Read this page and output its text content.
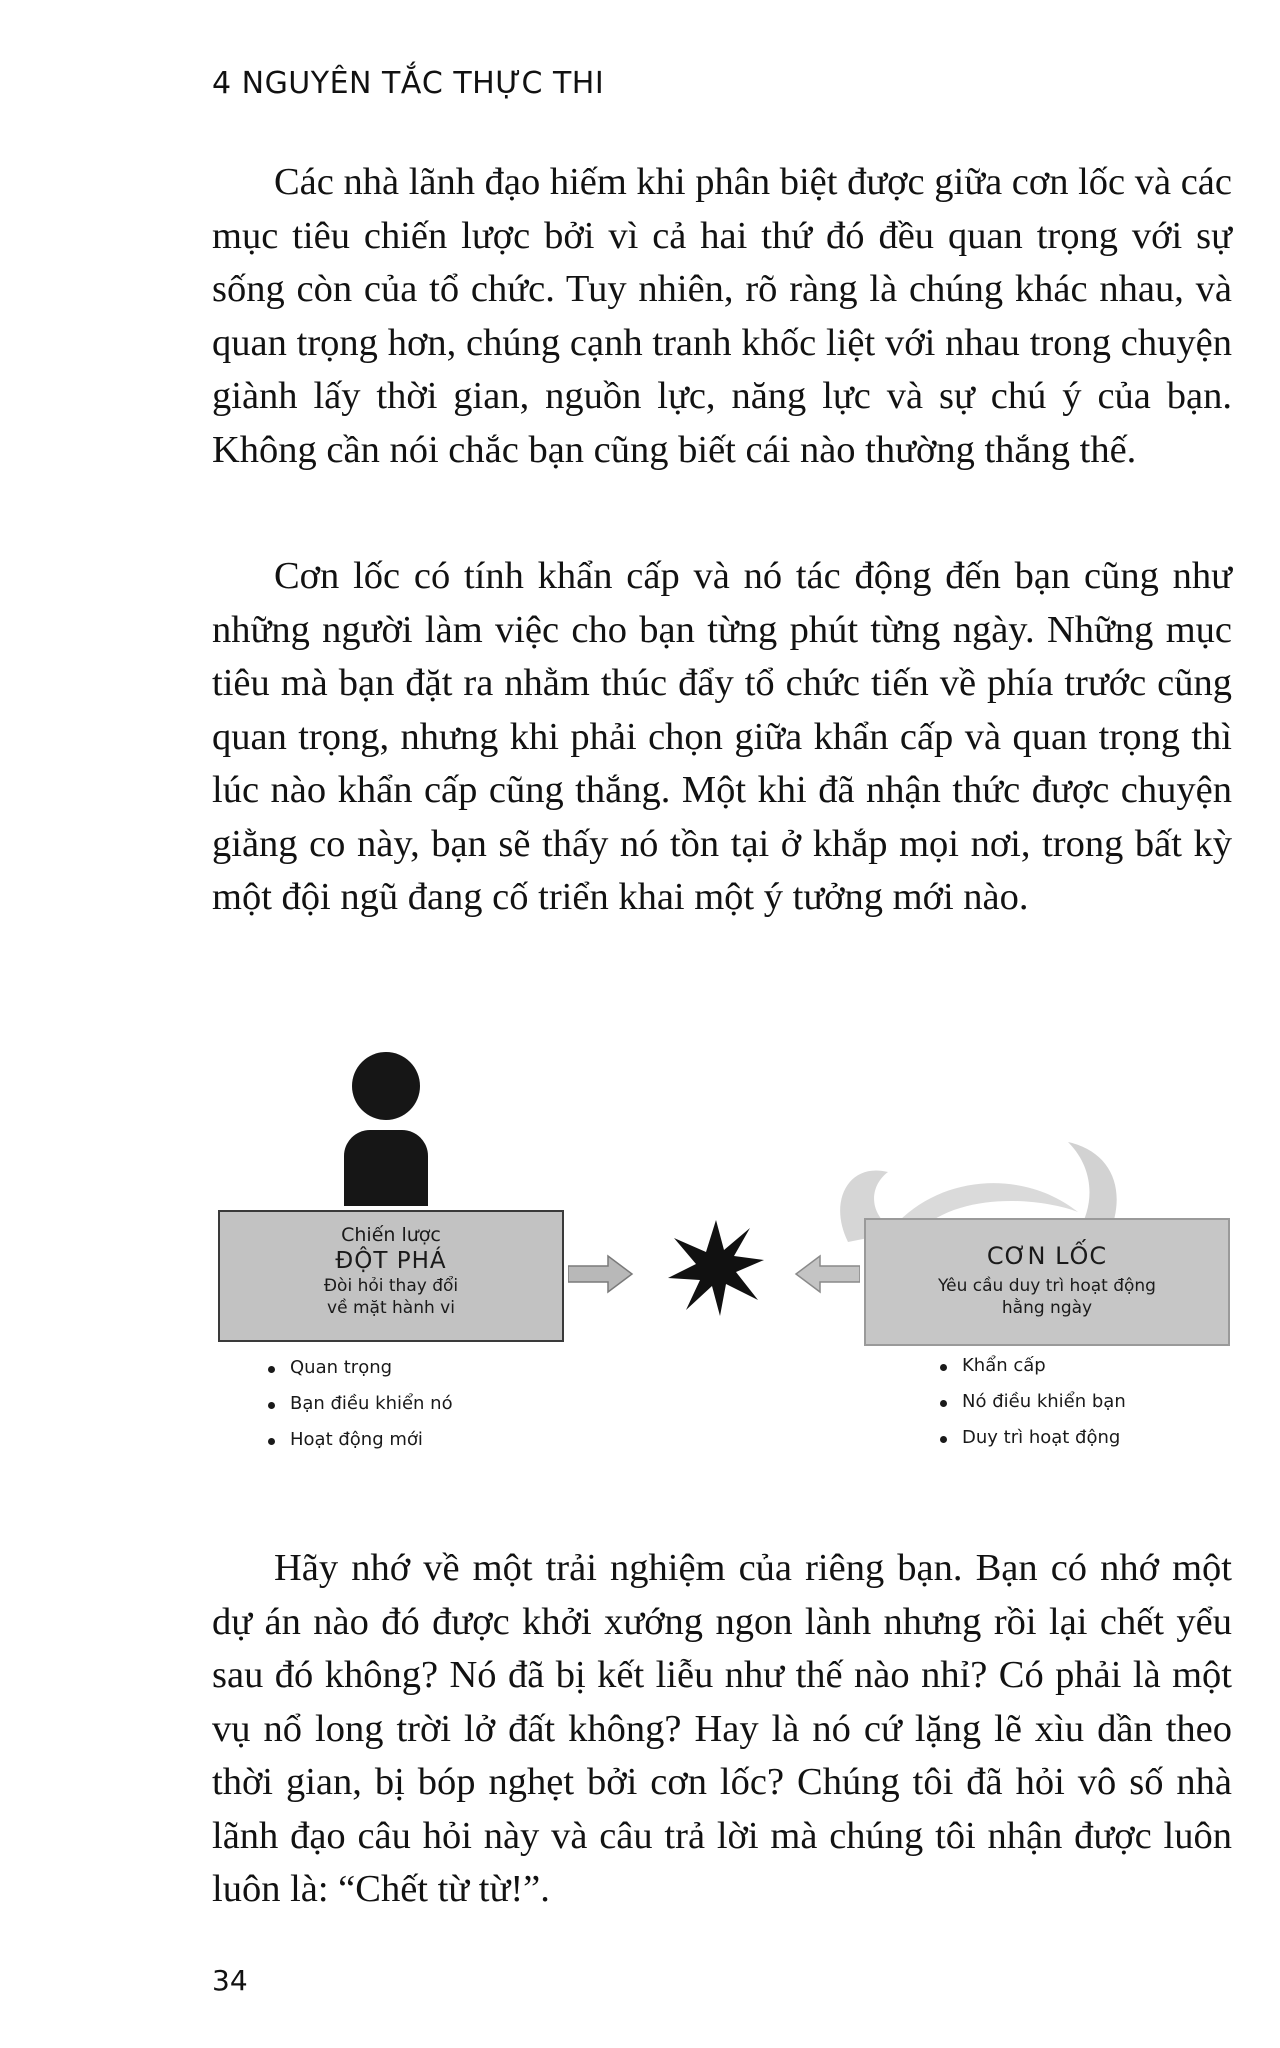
4 NGUYÊN TẮC THỰC THI

Các nhà lãnh đạo hiếm khi phân biệt được giữa cơn lốc và các mục tiêu chiến lược bởi vì cả hai thứ đó đều quan trọng với sự sống còn của tổ chức. Tuy nhiên, rõ ràng là chúng khác nhau, và quan trọng hơn, chúng cạnh tranh khốc liệt với nhau trong chuyện giành lấy thời gian, nguồn lực, năng lực và sự chú ý của bạn. Không cần nói chắc bạn cũng biết cái nào thường thắng thế.

Cơn lốc có tính khẩn cấp và nó tác động đến bạn cũng như những người làm việc cho bạn từng phút từng ngày. Những mục tiêu mà bạn đặt ra nhằm thúc đẩy tổ chức tiến về phía trước cũng quan trọng, nhưng khi phải chọn giữa khẩn cấp và quan trọng thì lúc nào khẩn cấp cũng thắng. Một khi đã nhận thức được chuyện giằng co này, bạn sẽ thấy nó tồn tại ở khắp mọi nơi, trong bất kỳ một đội ngũ đang cố triển khai một ý tưởng mới nào.

Chiến lược
ĐỘT PHÁ
Đòi hỏi thay đổi
về mặt hành vi
CƠN LỐC
Yêu cầu duy trì hoạt động
hằng ngày
Quan trọng
Bạn điều khiển nó
Hoạt động mới
Khẩn cấp
Nó điều khiển bạn
Duy trì hoạt động

Hãy nhớ về một trải nghiệm của riêng bạn. Bạn có nhớ một dự án nào đó được khởi xướng ngon lành nhưng rồi lại chết yểu sau đó không? Nó đã bị kết liễu như thế nào nhỉ? Có phải là một vụ nổ long trời lở đất không? Hay là nó cứ lặng lẽ xìu dần theo thời gian, bị bóp nghẹt bởi cơn lốc? Chúng tôi đã hỏi vô số nhà lãnh đạo câu hỏi này và câu trả lời mà chúng tôi nhận được luôn luôn là: “Chết từ từ!”.

34
